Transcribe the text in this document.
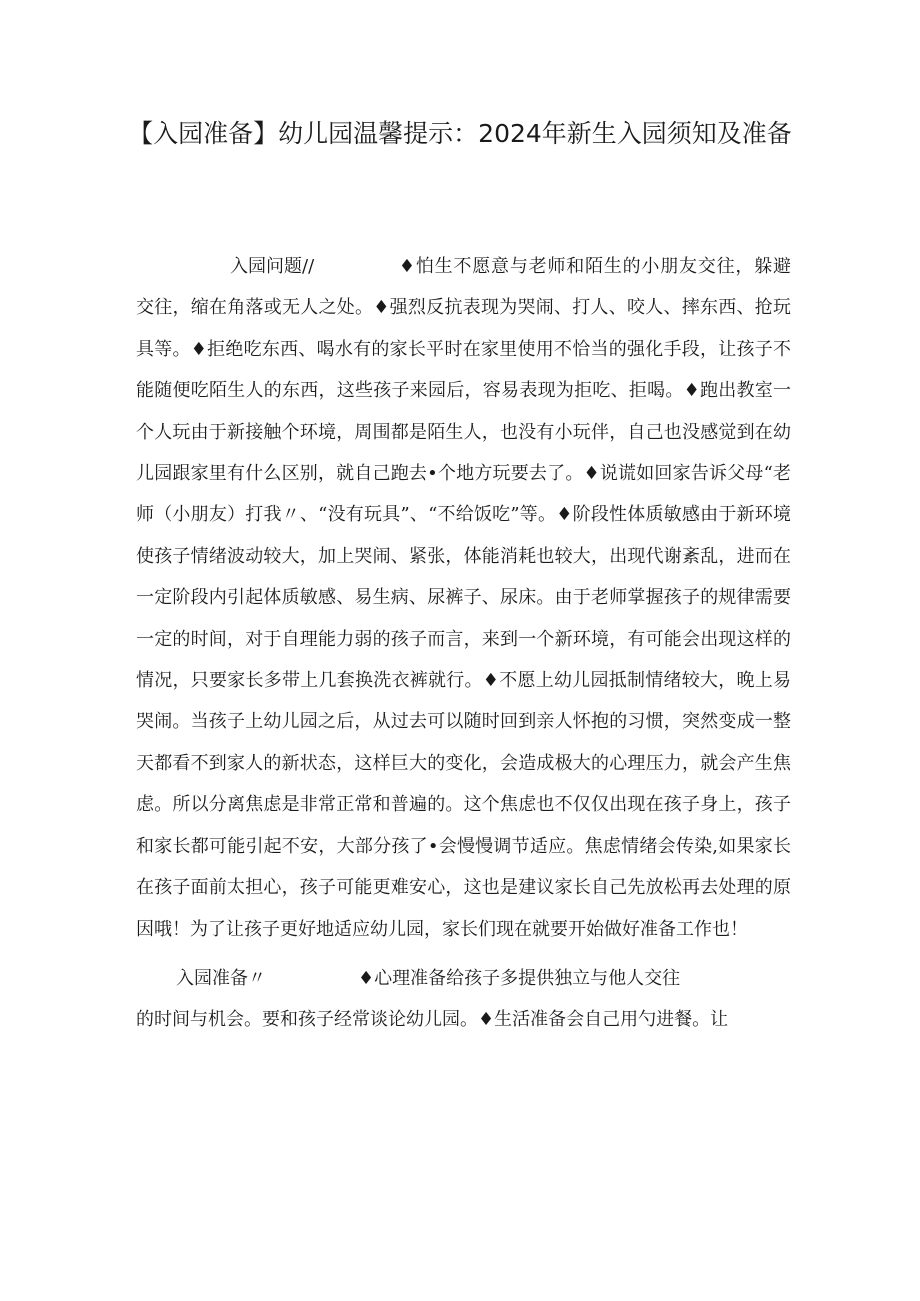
【入园准备】幼儿园温馨提示：2024年新生入园须知及准备

入园问题//	♦怕生不愿意与老师和陌生的小朋友交往，躲避交往，缩在角落或无人之处。♦强烈反抗表现为哭闹、打人、咬人、摔东西、抢玩具等。♦拒绝吃东西、喝水有的家长平时在家里使用不恰当的强化手段，让孩子不能随便吃陌生人的东西，这些孩子来园后，容易表现为拒吃、拒喝。♦跑出教室一个人玩由于新接触个环境，周围都是陌生人，也没有小玩伴，自己也没感觉到在幼儿园跟家里有什么区别，就自己跑去•个地方玩要去了。♦说谎如回家告诉父母“老师（小朋友）打我〃、“没有玩具”、“不给饭吃”等。♦阶段性体质敏感由于新环境使孩子情绪波动较大，加上哭闹、紧张，体能消耗也较大，出现代谢紊乱，进而在一定阶段内引起体质敏感、易生病、尿裤子、尿床。由于老师掌握孩子的规律需要一定的时间，对于自理能力弱的孩子而言，来到一个新环境，有可能会出现这样的情况，只要家长多带上几套换洗衣裤就行。♦不愿上幼儿园抵制情绪较大，晚上易哭闹。当孩子上幼儿园之后，从过去可以随时回到亲人怀抱的习惯，突然变成一整天都看不到家人的新状态，这样巨大的变化，会造成极大的心理压力，就会产生焦虑。所以分离焦虑是非常正常和普遍的。这个焦虑也不仅仅出现在孩子身上，孩子和家长都可能引起不安，大部分孩了•会慢慢调节适应。焦虑情绪会传染,如果家长在孩子面前太担心，孩子可能更难安心，这也是建议家长自己先放松再去处理的原因哦！为了让孩子更好地适应幼儿园，家长们现在就要开始做好准备工作也！

入园准备〃	♦心理准备给孩子多提供独立与他人交往
的时间与机会。要和孩子经常谈论幼儿园。♦生活准备会自己用勺进餐。让
